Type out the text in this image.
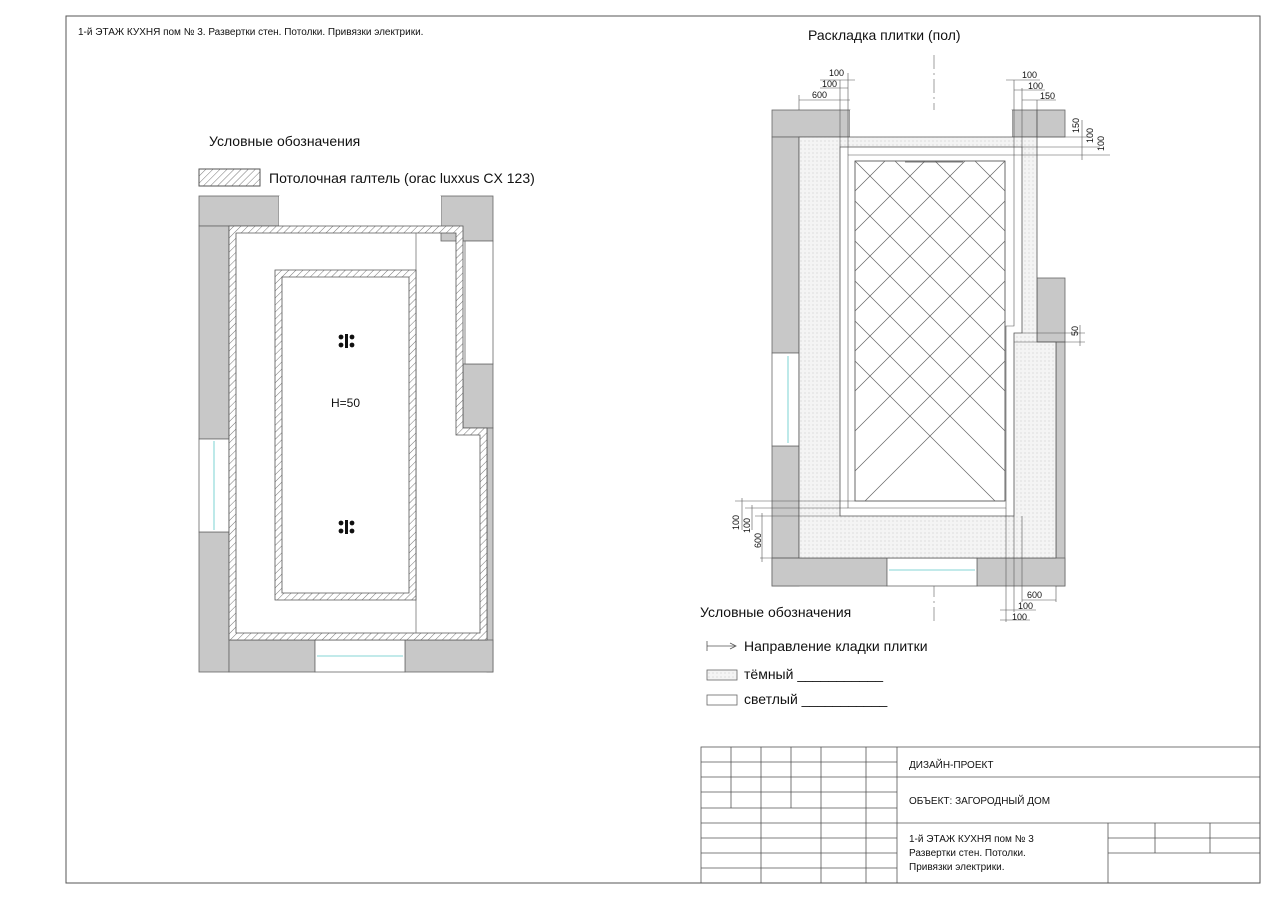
1-й ЭТАЖ КУХНЯ пом № 3. Развертки стен. Потолки. Привязки электрики.
Условные обозначения
Потолочная галтель (orac luxxus CX 123)
H=50
Раскладка плитки (пол)
100
100
600
100
100
150
150
100
100
50
100 100
600
600
100
100
Условные обозначения
Направление кладки плитки
тёмный ___________
светлый ___________
ДИЗАЙН-ПРОЕКТ
ОБЪЕКТ: ЗАГОРОДНЫЙ ДОМ
1-й ЭТАЖ КУХНЯ пом № 3
Развертки стен. Потолки.
Привязки электрики.
